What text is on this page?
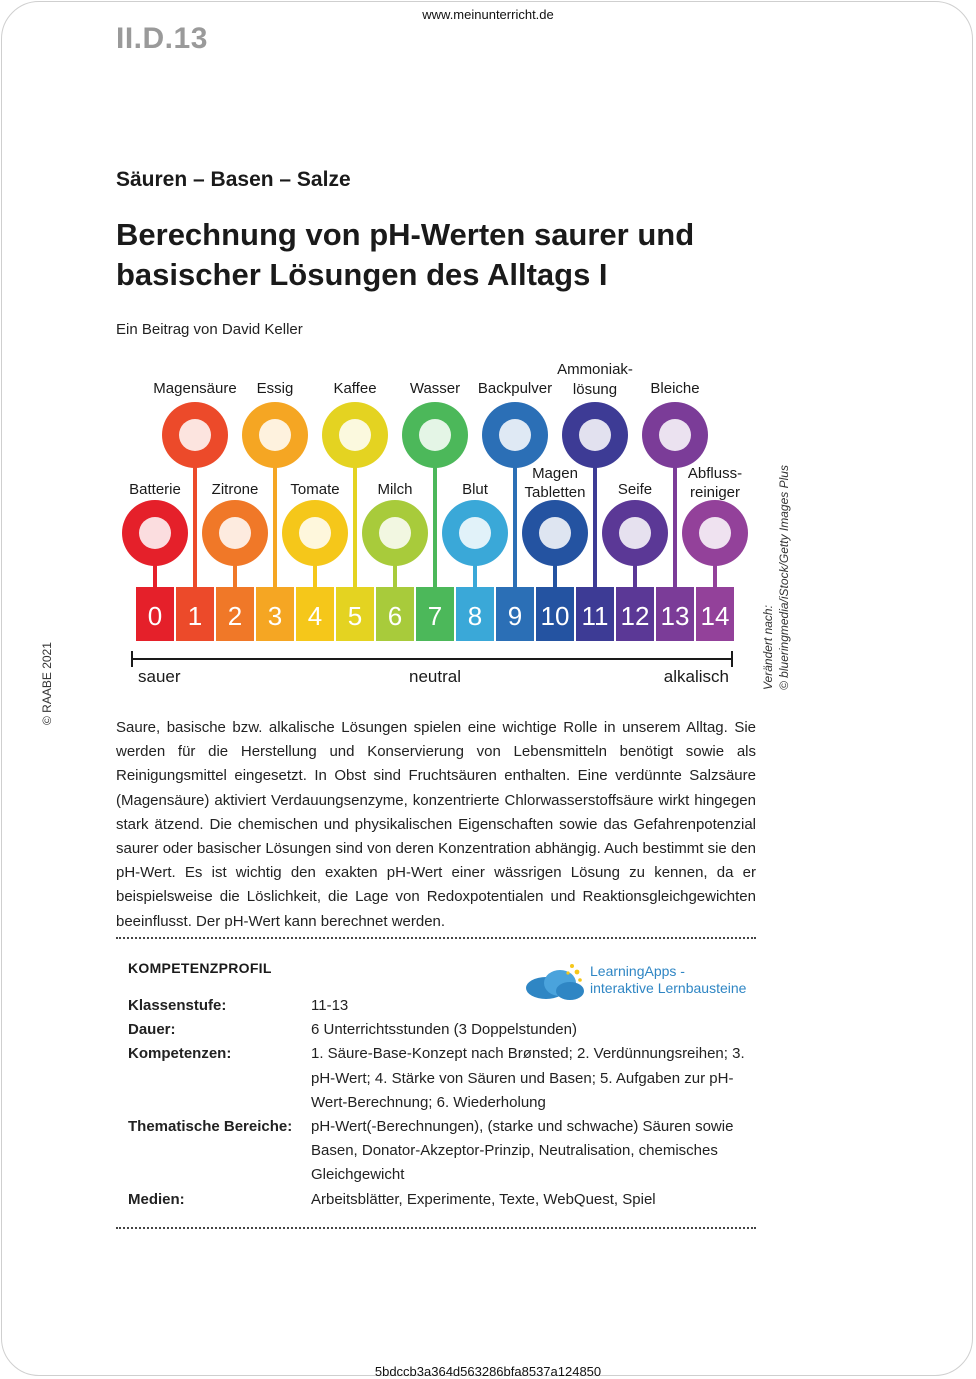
www.meinunterricht.de
II.D.13
Säuren – Basen – Salze
Berechnung von pH-Werten saurer und
basischer Lösungen des Alltags I
Ein Beitrag von David Keller
© RAABE 2021	Verändert nach: © blueringmedia/iStock/Getty Images Plus
0 1 2 3 4 5 6 7 8 9 10 11 12 13 14
Batterie Zitrone Tomate	Milch	Blut
Magen
Tabletten Seife
Abfluss-
reiniger
Magensäure Essig	Kaffee Wasser Backpulver
Ammoniak-
lösung Bleiche
sauer	neutral	alkalisch
Saure, basische bzw. alkalische Lösungen spielen eine wichtige Rolle in unserem Alltag. Sie werden für die Herstellung und Konservierung von Lebensmitteln benötigt sowie als Reinigungsmittel eingesetzt. In Obst sind Fruchtsäuren enthalten. Eine verdünnte Salzsäure (Magensäure) aktiviert Verdauungsenzyme, konzentrierte Chlorwasserstoffsäure wirkt hingegen stark ätzend. Die chemischen und physikalischen Eigenschaften sowie das Gefahrenpotenzial saurer oder basischer Lösungen sind von deren Konzentration abhängig. Auch bestimmt sie den pH-Wert. Es ist wichtig den exakten pH-Wert einer wässrigen Lösung zu kennen, da er beispielsweise die Löslichkeit, die Lage von Redoxpotentialen und Reaktionsgleichgewichten beeinflusst. Der pH-Wert kann berechnet werden.
KOMPETENZPROFIL	LearningApps -
interaktive Lernbausteine
Klassenstufe:	11-13
Dauer:	6 Unterrichtsstunden (3 Doppelstunden)
Kompetenzen:	1. Säure-Base-Konzept nach Brønsted; 2. Verdünnungsreihen; 3. pH-Wert; 4. Stärke von Säuren und Basen; 5. Aufgaben zur pH-Wert-Berechnung; 6. Wiederholung
Thematische Bereiche:	pH-Wert(-Berechnungen), (starke und schwache) Säuren sowie Basen, Donator-Akzeptor-Prinzip, Neutralisation, chemisches Gleichgewicht
Medien:	Arbeitsblätter, Experimente, Texte, WebQuest, Spiel
5bdccb3a364d563286bfa8537a124850
